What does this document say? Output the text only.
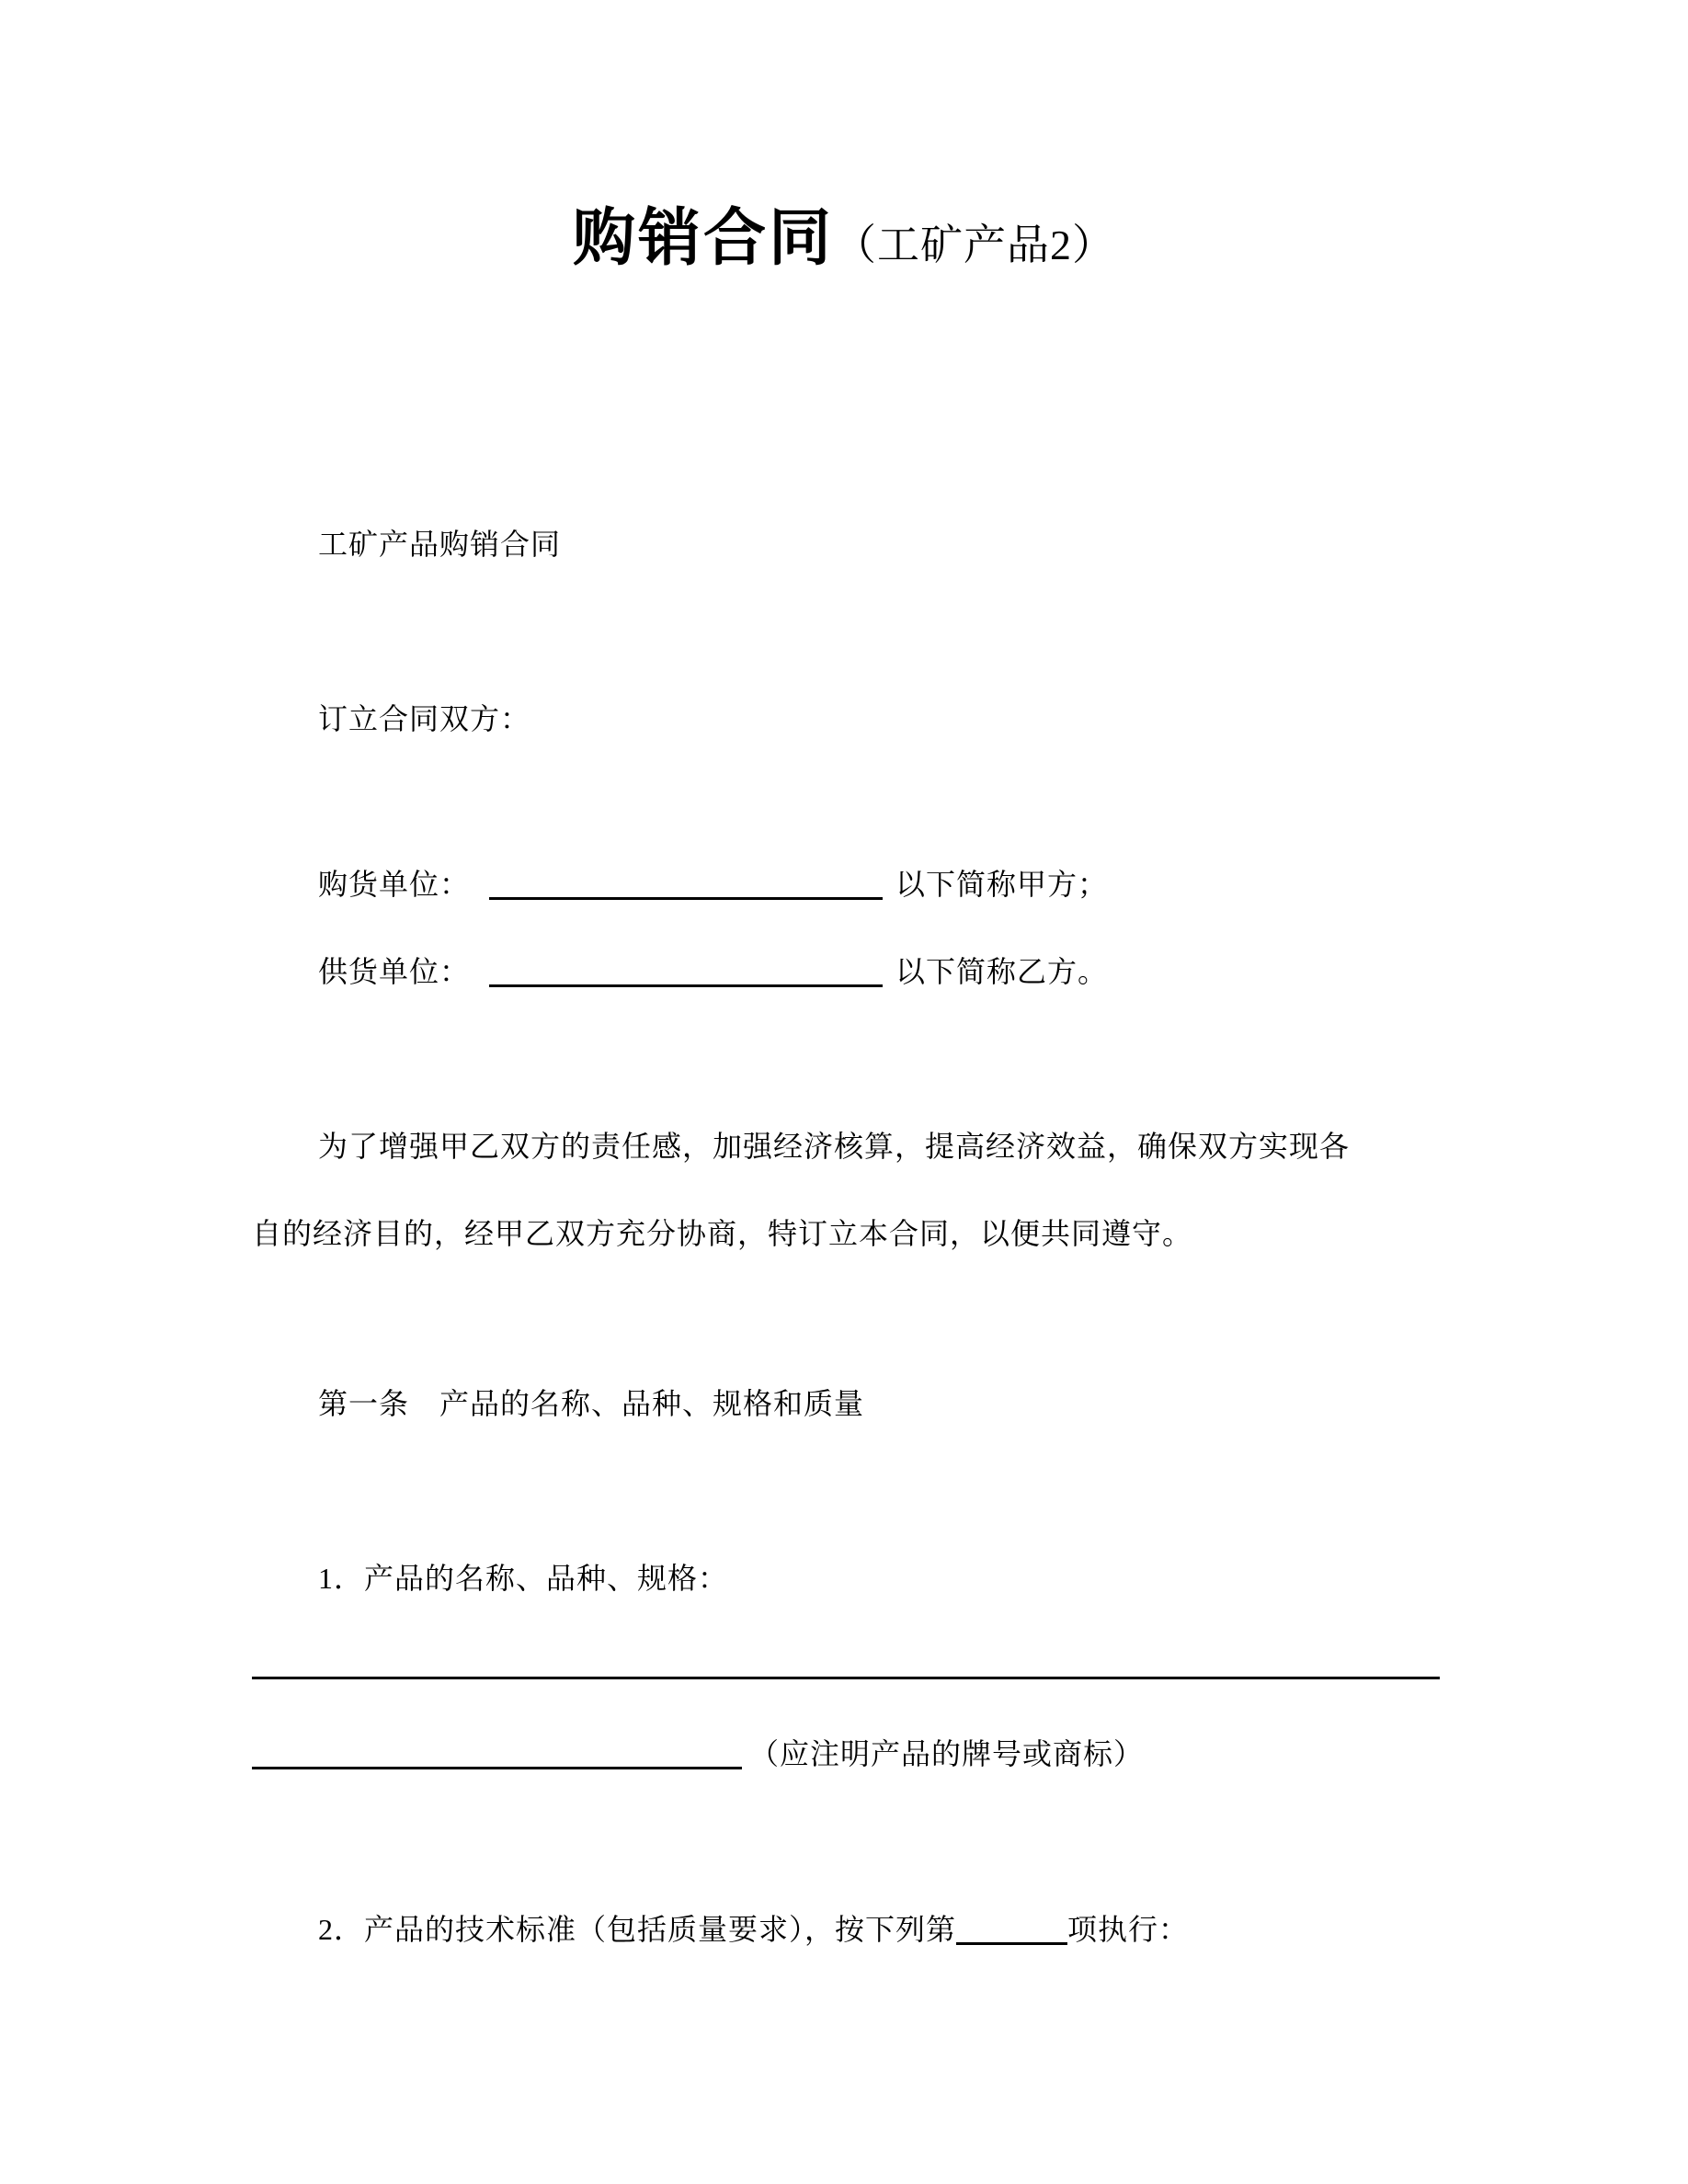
购销合同（工矿产品2）
工矿产品购销合同
订立合同双方：
购货单位：	以下简称甲方；
供货单位：	以下简称乙方。
为了增强甲乙双方的责任感，加强经济核算，提高经济效益，确保双方实现各
自的经济目的，经甲乙双方充分协商，特订立本合同，以便共同遵守。
第一条　产品的名称、品种、规格和质量
1．产品的名称、品种、规格：
（应注明产品的牌号或商标）
2．产品的技术标准（包括质量要求），按下列第	项执行：
